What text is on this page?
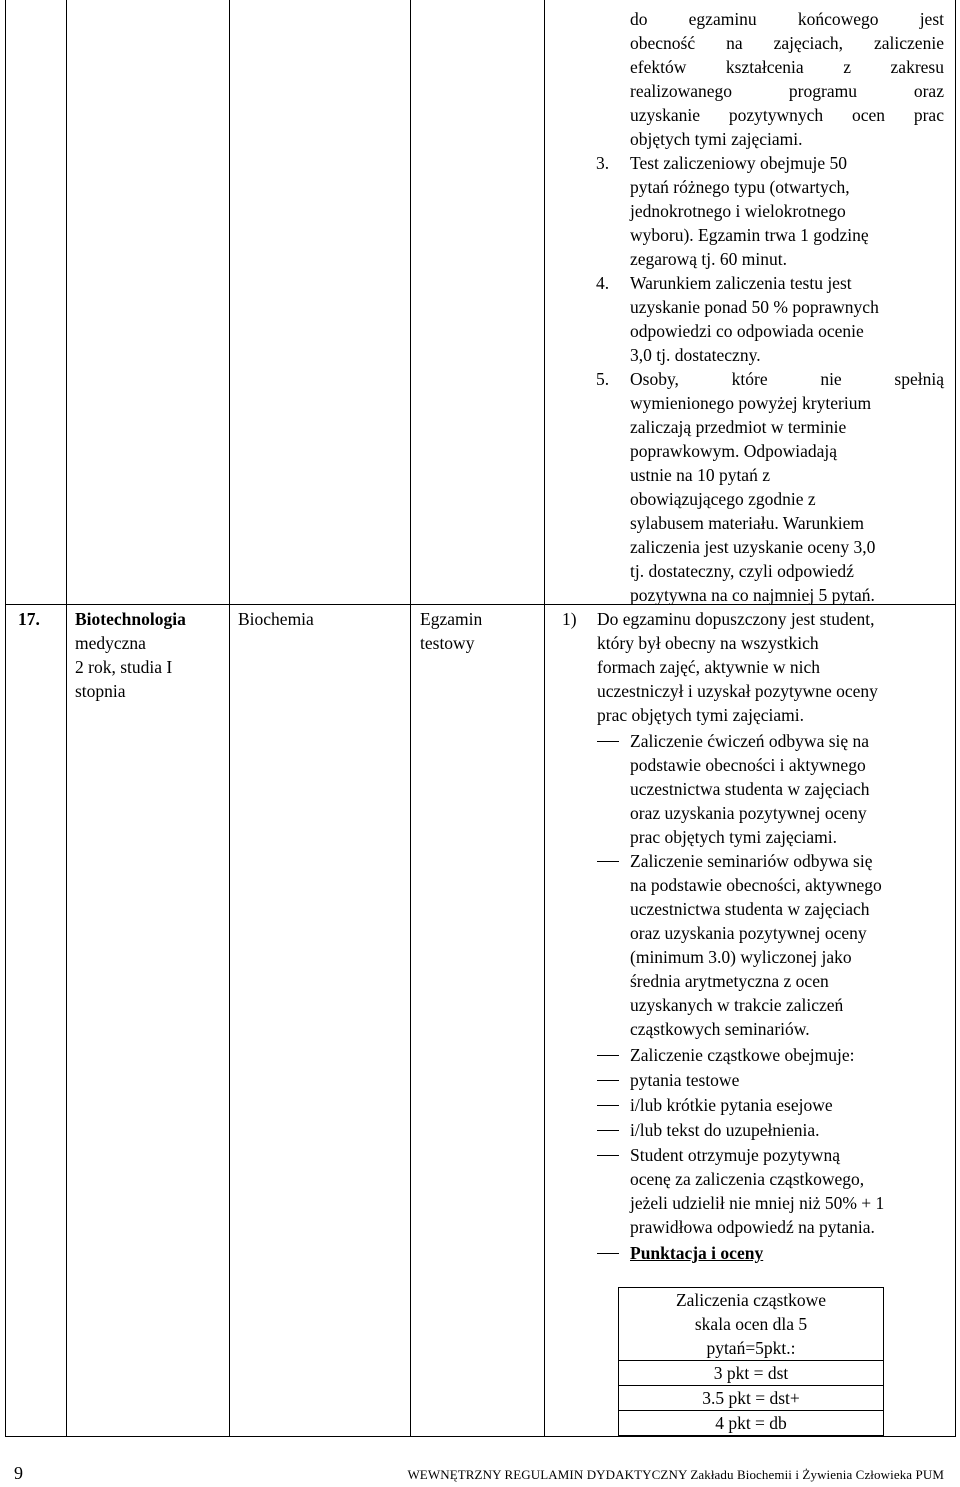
do egzaminu końcowego jest
obecność na zajęciach, zaliczenie
efektów kształcenia z zakresu
realizowanego	programu	oraz
uzyskanie pozytywnych ocen prac
objętych tymi zajęciami.
3. Test zaliczeniowy obejmuje 50
pytań różnego typu (otwartych,
jednokrotnego i wielokrotnego
wyboru). Egzamin trwa 1 godzinę
zegarową tj. 60 minut.
4. Warunkiem zaliczenia testu jest
uzyskanie ponad 50 % poprawnych
odpowiedzi co odpowiada ocenie
3,0 tj. dostateczny.
5. Osoby,	które	nie	spełnią
wymienionego powyżej kryterium
zaliczają przedmiot w terminie
poprawkowym. Odpowiadają
ustnie na 10 pytań z
obowiązującego zgodnie z
sylabusem materiału. Warunkiem
zaliczenia jest uzyskanie oceny 3,0
tj. dostateczny, czyli odpowiedź
pozytywna na co najmniej 5 pytań.
17. Biotechnologia
medyczna
2 rok, studia I
stopnia
Biochemia	Egzamin
testowy
1) Do egzaminu dopuszczony jest student,
który był obecny na wszystkich
formach zajęć, aktywnie w nich
uczestniczył i uzyskał pozytywne oceny
prac objętych tymi zajęciami.
Zaliczenie ćwiczeń odbywa się na
podstawie obecności i aktywnego
uczestnictwa studenta w zajęciach
oraz uzyskania pozytywnej oceny
prac objętych tymi zajęciami.
Zaliczenie seminariów odbywa się
na podstawie obecności, aktywnego
uczestnictwa studenta w zajęciach
oraz uzyskania pozytywnej oceny
(minimum 3.0) wyliczonej jako
średnia arytmetyczna z ocen
uzyskanych w trakcie zaliczeń
cząstkowych seminariów.
Zaliczenie cząstkowe obejmuje:
pytania testowe
i/lub krótkie pytania esejowe
i/lub tekst do uzupełnienia.
Student otrzymuje pozytywną
ocenę za zaliczenia cząstkowego,
jeżeli udzielił nie mniej niż 50% + 1
prawidłowa odpowiedź na pytania.
Punktacja i oceny
Zaliczenia cząstkowe
skala ocen dla 5
pytań=5pkt.:

3 pkt = dst
3.5 pkt = dst+
4 pkt = db
9	WEWNĘTRZNY REGULAMIN DYDAKTYCZNY Zakładu Biochemii i Żywienia Człowieka PUM
